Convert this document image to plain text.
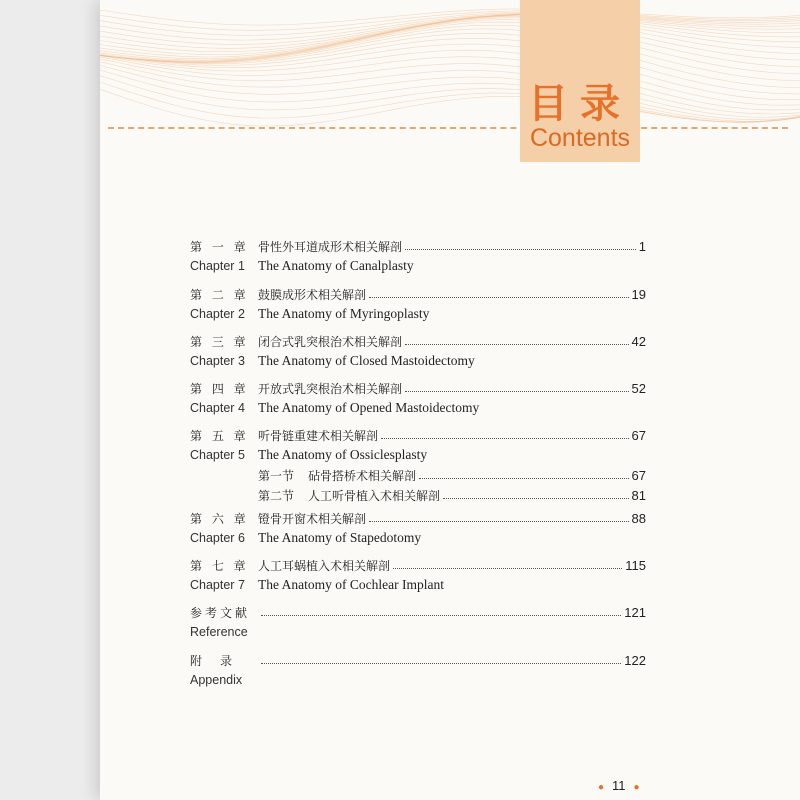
目录
Contents
第 一 章 骨性外耳道成形术相关解剖	1
Chapter 1 The Anatomy of Canalplasty
第 二 章 鼓膜成形术相关解剖	19
Chapter 2 The Anatomy of Myringoplasty
第 三 章 闭合式乳突根治术相关解剖	42
Chapter 3 The Anatomy of Closed Mastoidectomy
第 四 章 开放式乳突根治术相关解剖	52
Chapter 4 The Anatomy of Opened Mastoidectomy
第 五 章 听骨链重建术相关解剖	67
Chapter 5 The Anatomy of Ossiclesplasty
第一节	砧骨搭桥术相关解剖	67
第二节	人工听骨植入术相关解剖	81
第 六 章 镫骨开窗术相关解剖	88
Chapter 6 The Anatomy of Stapedotomy
第 七 章 人工耳蜗植入术相关解剖	115
Chapter 7 The Anatomy of Cochlear Implant
参考文献	121
Reference
附　录	122
Appendix
● 11 ●
